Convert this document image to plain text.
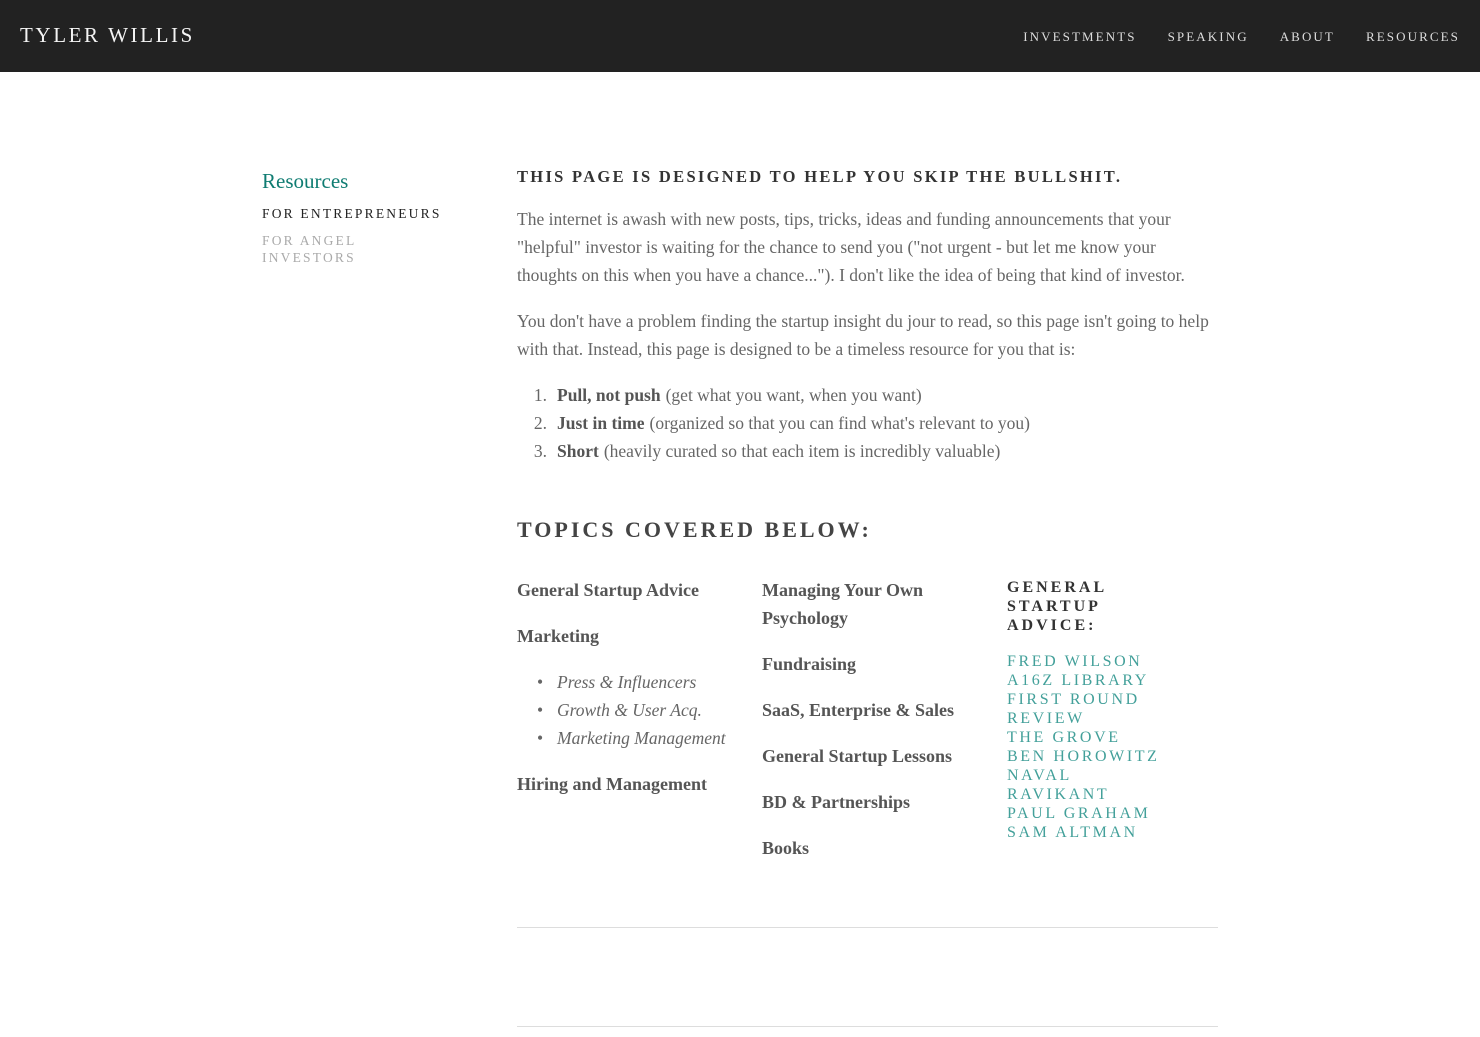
TYLER WILLIS	INVESTMENTS SPEAKING ABOUT RESOURCES
Resources
FOR ENTREPRENEURS
FOR ANGEL INVESTORS
THIS PAGE IS DESIGNED TO HELP YOU SKIP THE BULLSHIT.

The internet is awash with new posts, tips, tricks, ideas and funding announcements that your "helpful" investor is waiting for the chance to send you ("not urgent - but let me know your thoughts on this when you have a chance..."). I don't like the idea of being that kind of investor.

You don't have a problem finding the startup insight du jour to read, so this page isn't going to help with that. Instead, this page is designed to be a timeless resource for you that is:

1. Pull, not push (get what you want, when you want)
2. Just in time (organized so that you can find what's relevant to you)
3. Short (heavily curated so that each item is incredibly valuable)
TOPICS COVERED BELOW:
General Startup Advice
Marketing
• Press & Influencers
• Growth & User Acq.
• Marketing Management
Hiring and Management
Managing Your Own Psychology
Fundraising
SaaS, Enterprise & Sales
General Startup Lessons
BD & Partnerships
Books
GENERAL STARTUP ADVICE:
FRED WILSON
A16Z LIBRARY
FIRST ROUND REVIEW
THE GROVE
BEN HOROWITZ
NAVAL RAVIKANT
PAUL GRAHAM
SAM ALTMAN
